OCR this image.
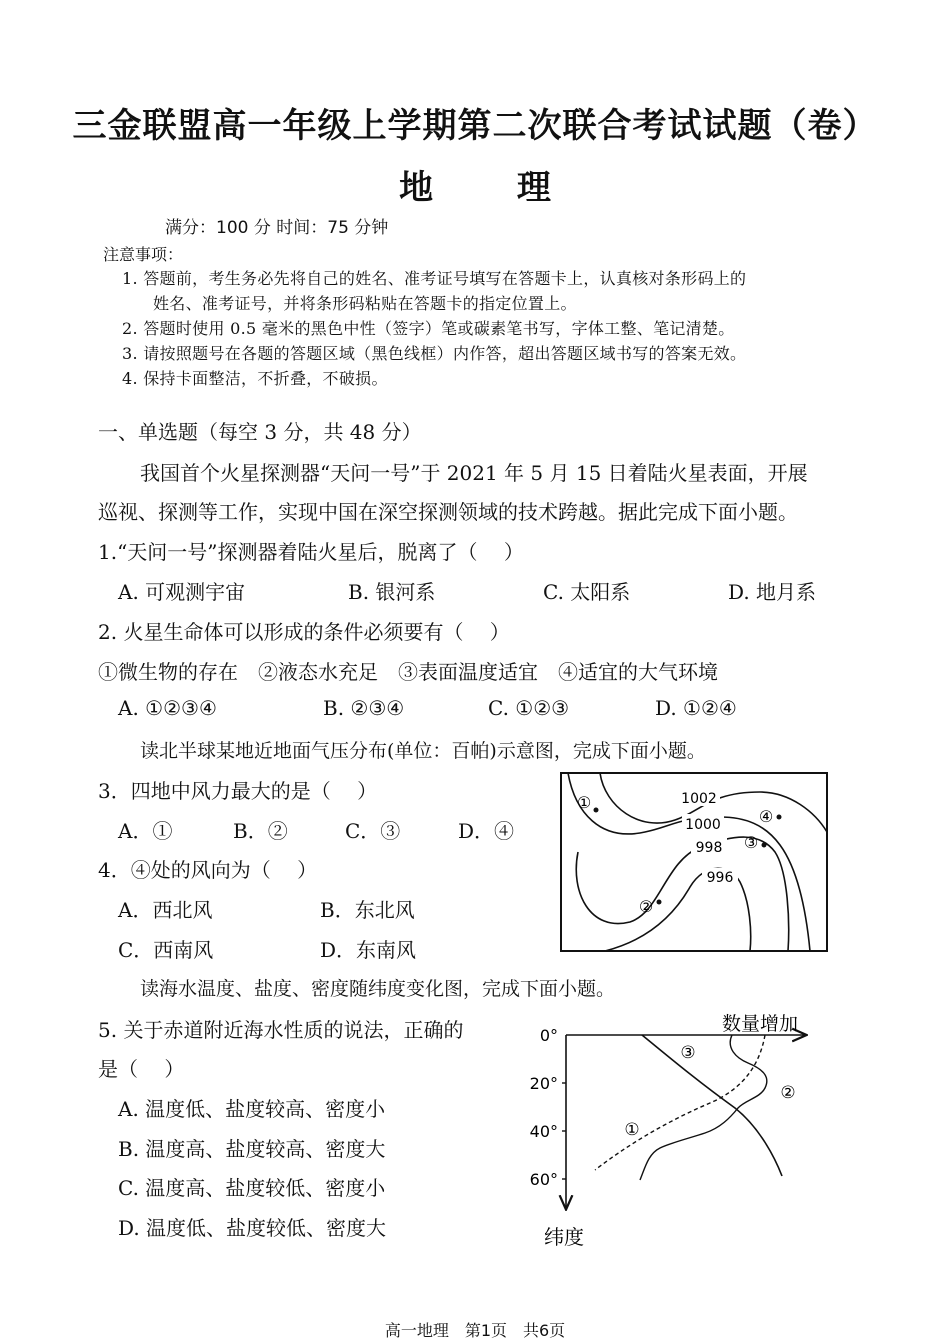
三金联盟高一年级上学期第二次联合考试试题（卷）
地 理
满分：100 分 时间：75 分钟
注意事项：
1. 答题前，考生务必先将自己的姓名、准考证号填写在答题卡上，认真核对条形码上的
姓名、准考证号，并将条形码粘贴在答题卡的指定位置上。
2. 答题时使用 0.5 毫米的黑色中性（签字）笔或碳素笔书写，字体工整、笔记清楚。
3. 请按照题号在各题的答题区域（黑色线框）内作答，超出答题区域书写的答案无效。
4. 保持卡面整洁，不折叠，不破损。
一、单选题（每空 3 分，共 48 分）
我国首个火星探测器“天问一号”于 2021 年 5 月 15 日着陆火星表面，开展
巡视、探测等工作，实现中国在深空探测领域的技术跨越。据此完成下面小题。
1.“天问一号”探测器着陆火星后，脱离了（　 ）
A. 可观测宇宙	B. 银河系	C. 太阳系	D. 地月系
2. 火星生命体可以形成的条件必须要有（　 ）
①微生物的存在　②液态水充足　③表面温度适宜　④适宜的大气环境
A. ①②③④	B. ②③④	C. ①②③	D. ①②④
读北半球某地近地面气压分布(单位：百帕)示意图，完成下面小题。
3．四地中风力最大的是（　 ）
A．①	B．②	C．③	D．④
4．④处的风向为（　 ）
A．西北风	B．东北风
C．西南风	D．东南风
1002
1000
998
996
①
②
③
④
读海水温度、盐度、密度随纬度变化图，完成下面小题。
5. 关于赤道附近海水性质的说法，正确的
是（　 ）
A. 温度低、盐度较高、密度小
B. 温度高、盐度较高、密度大
C. 温度高、盐度较低、密度小
D. 温度低、盐度较低、密度大
数量增加
纬度
0°
20°
40°
60°
①
②
③
高一地理　第1页　共6页
